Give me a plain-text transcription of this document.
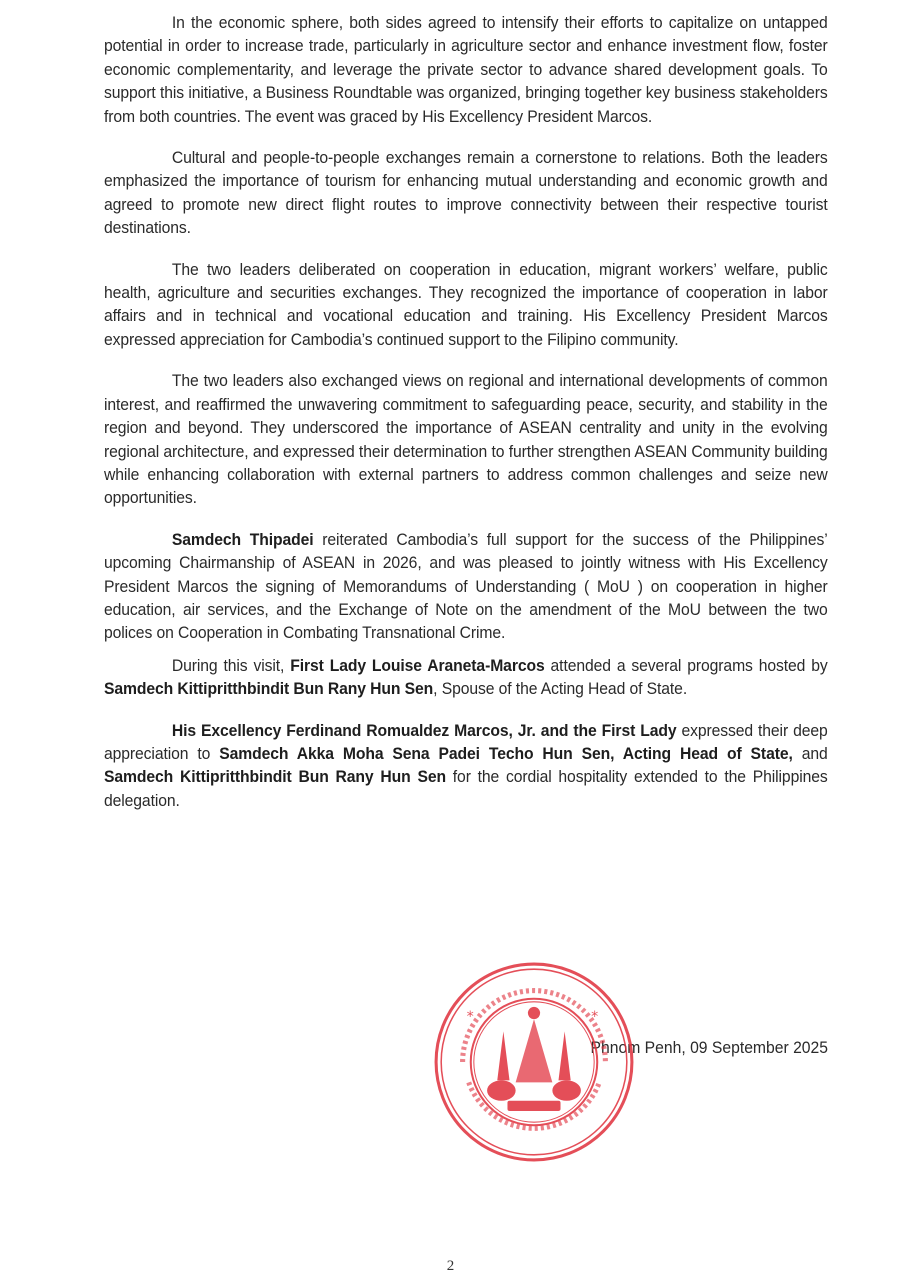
In the economic sphere, both sides agreed to intensify their efforts to capitalize on untapped potential in order to increase trade, particularly in agriculture sector and enhance investment flow, foster economic complementarity, and leverage the private sector to advance shared development goals. To support this initiative, a Business Roundtable was organized, bringing together key business stakeholders from both countries. The event was graced by His Excellency President Marcos.

Cultural and people-to-people exchanges remain a cornerstone to relations. Both the leaders emphasized the importance of tourism for enhancing mutual understanding and economic growth and agreed to promote new direct flight routes to improve connectivity between their respective tourist destinations.

The two leaders deliberated on cooperation in education, migrant workers’ welfare, public health, agriculture and securities exchanges. They recognized the importance of cooperation in labor affairs and in technical and vocational education and training. His Excellency President Marcos expressed appreciation for Cambodia’s continued support to the Filipino community.

The two leaders also exchanged views on regional and international developments of common interest, and reaffirmed the unwavering commitment to safeguarding peace, security, and stability in the region and beyond. They underscored the importance of ASEAN centrality and unity in the evolving regional architecture, and expressed their determination to further strengthen ASEAN Community building while enhancing collaboration with external partners to address common challenges and seize new opportunities.

Samdech Thipadei reiterated Cambodia’s full support for the success of the Philippines’ upcoming Chairmanship of ASEAN in 2026, and was pleased to jointly witness with His Excellency President Marcos the signing of Memorandums of Understanding ( MoU ) on cooperation in higher education, air services, and the Exchange of Note on the amendment of the MoU between the two polices on Cooperation in Combating Transnational Crime.

During this visit, First Lady Louise Araneta-Marcos attended a several programs hosted by Samdech Kittipritthbindit Bun Rany Hun Sen, Spouse of the Acting Head of State.

His Excellency Ferdinand Romualdez Marcos, Jr. and the First Lady expressed their deep appreciation to Samdech Akka Moha Sena Padei Techo Hun Sen, Acting Head of State, and Samdech Kittipritthbindit Bun Rany Hun Sen for the cordial hospitality extended to the Philippines delegation.

Phnom Penh, 09 September 2025
*	*
2
